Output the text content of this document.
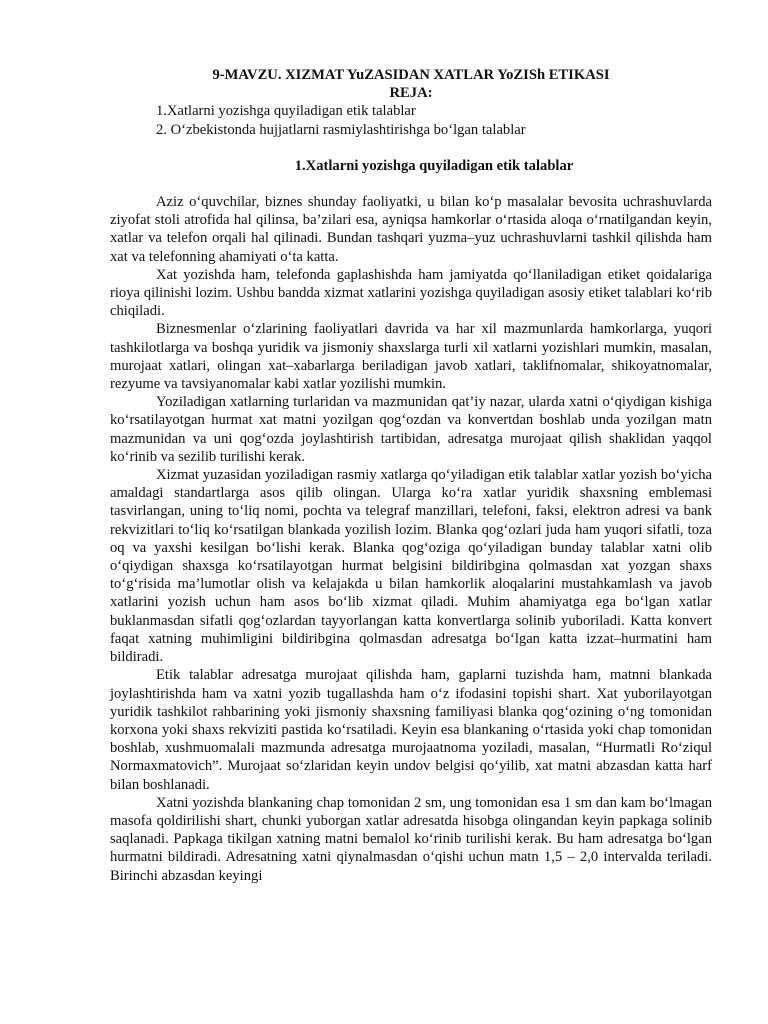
9-MAVZU. XIZMAT YuZASIDAN XATLAR YoZISh ETIKASI

REJA:

1.Xatlarni yozishga quyiladigan etik talablar
2. O‘zbekistonda hujjatlarni rasmiylashtirishga bo‘lgan talablar

1.Xatlarni yozishga quyiladigan etik talablar

Aziz o‘quvchilar, biznes shunday faoliyatki, u bilan ko‘p masalalar bevosita uchrashuvlarda ziyofat stoli atrofida hal qilinsa, ba’zilari esa, ayniqsa hamkorlar o‘rtasida aloqa o‘rnatilgandan keyin, xatlar va telefon orqali hal qilinadi. Bundan tashqari yuzma–yuz uchrashuvlarni tashkil qilishda ham xat va telefonning ahamiyati o‘ta katta.

Xat yozishda ham, telefonda gaplashishda ham jamiyatda qo‘llaniladigan etiket qoidalariga rioya qilinishi lozim. Ushbu bandda xizmat xatlarini yozishga quyiladigan asosiy etiket talablari ko‘rib chiqiladi.

Biznesmenlar o‘zlarining faoliyatlari davrida va har xil mazmunlarda hamkorlarga, yuqori tashkilotlarga va boshqa yuridik va jismoniy shaxslarga turli xil xatlarni yozishlari mumkin, masalan, murojaat xatlari, olingan xat–xabarlarga beriladigan javob xatlari, taklifnomalar, shikoyatnomalar, rezyume va tavsiyanomalar kabi xatlar yozilishi mumkin.

Yoziladigan xatlarning turlaridan va mazmunidan qat’iy nazar, ularda xatni o‘qiydigan kishiga ko‘rsatilayotgan hurmat xat matni yozilgan qog‘ozdan va konvertdan boshlab unda yozilgan matn mazmunidan va uni qog‘ozda joylashtirish tartibidan, adresatga murojaat qilish shaklidan yaqqol ko‘rinib va sezilib turilishi kerak.

Xizmat yuzasidan yoziladigan rasmiy xatlarga qo‘yiladigan etik talablar xatlar yozish bo‘yicha amaldagi standartlarga asos qilib olingan. Ularga ko‘ra xatlar yuridik shaxsning emblemasi tasvirlangan, uning to‘liq nomi, pochta va telegraf manzillari, telefoni, faksi, elektron adresi va bank rekvizitlari to‘liq ko‘rsatilgan blankada yozilish lozim. Blanka qog‘ozlari juda ham yuqori sifatli, toza oq va yaxshi kesilgan bo‘lishi kerak. Blanka qog‘oziga qo‘yiladigan bunday talablar xatni olib o‘qiydigan shaxsga ko‘rsatilayotgan hurmat belgisini bildiribgina qolmasdan xat yozgan shaxs to‘g‘risida ma’lumotlar olish va kelajakda u bilan hamkorlik aloqalarini mustahkamlash va javob xatlarini yozish uchun ham asos bo‘lib xizmat qiladi. Muhim ahamiyatga ega bo‘lgan xatlar buklanmasdan sifatli qog‘ozlardan tayyorlangan katta konvertlarga solinib yuboriladi. Katta konvert faqat xatning muhimligini bildiribgina qolmasdan adresatga bo‘lgan katta izzat–hurmatini ham bildiradi.

Etik talablar adresatga murojaat qilishda ham, gaplarni tuzishda ham, matnni blankada joylashtirishda ham va xatni yozib tugallashda ham o‘z ifodasini topishi shart. Xat yuborilayotgan yuridik tashkilot rahbarining yoki jismoniy shaxsning familiyasi blanka qog‘ozining o‘ng tomonidan korxona yoki shaxs rekviziti pastida ko‘rsatiladi. Keyin esa blankaning o‘rtasida yoki chap tomonidan boshlab, xushmuomalali mazmunda adresatga murojaatnoma yoziladi, masalan, “Hurmatli Ro‘ziqul Normaxmatovich”. Murojaat so‘zlaridan keyin undov belgisi qo‘yilib, xat matni abzasdan katta harf bilan boshlanadi.

Xatni yozishda blankaning chap tomonidan 2 sm, ung tomonidan esa 1 sm dan kam bo‘lmagan masofa qoldirilishi shart, chunki yuborgan xatlar adresatda hisobga olingandan keyin papkaga solinib saqlanadi. Papkaga tikilgan xatning matni bemalol ko‘rinib turilishi kerak. Bu ham adresatga bo‘lgan hurmatni bildiradi. Adresatning xatni qiynalmasdan o‘qishi uchun matn 1,5 – 2,0 intervalda teriladi. Birinchi abzasdan keyingi
